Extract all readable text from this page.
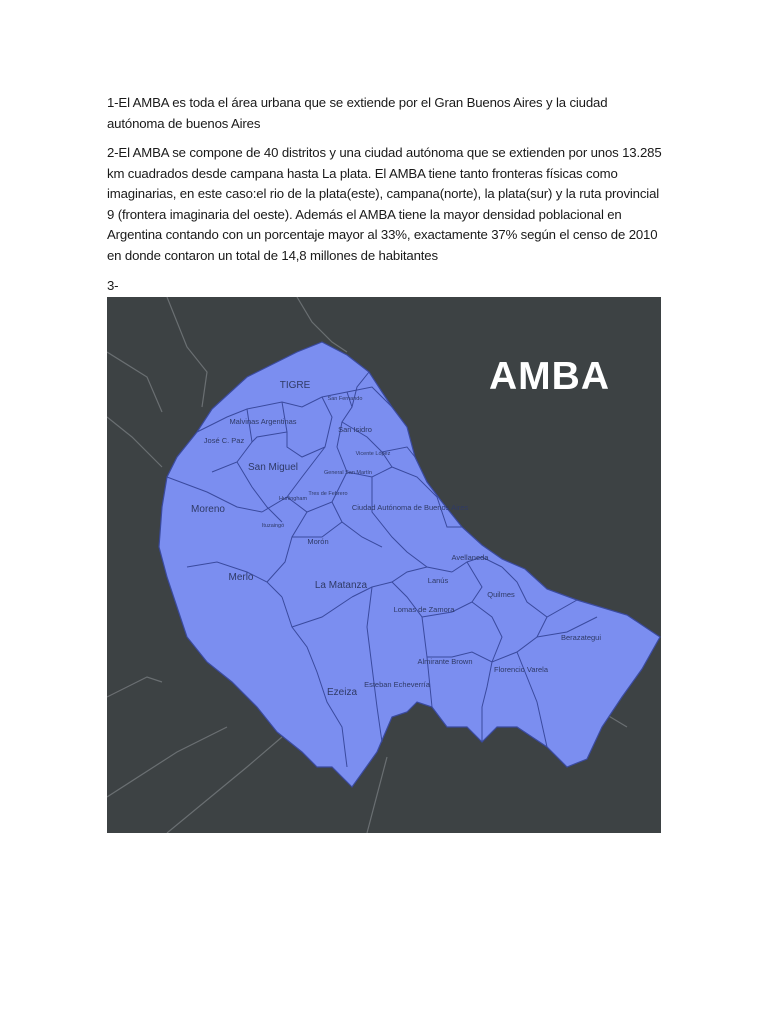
1-El AMBA es toda el área urbana que se extiende por el Gran Buenos Aires y la ciudad autónoma de buenos Aires

2-El AMBA se compone de 40 distritos y una ciudad autónoma que se extienden por unos 13.285 km cuadrados desde campana hasta La plata. El AMBA tiene tanto fronteras físicas como imaginarias, en este caso:el rio de la plata(este), campana(norte), la plata(sur) y la ruta provincial 9 (frontera imaginaria del oeste). Además el AMBA tiene la mayor densidad poblacional en Argentina contando con un porcentaje mayor al 33%, exactamente 37% según el censo de 2010 en donde contaron un total de 14,8 millones de habitantes

3-

AMBA
TIGRE
San Fernando
Malvinas Argentinas
José C. Paz
San Isidro
Vicente López
San Miguel	General San Martín
Hurlingham
Tres de Febrero
Moreno
Ituzaingó
Ciudad Autónoma de Buenos Aires
Morón
Avellaneda
Merlo
La Matanza	Lanús
Quilmes
Lomas de Zamora
Berazategui
Almirante Brown
Florencio Varela
Ezeiza
Esteban Echeverría
